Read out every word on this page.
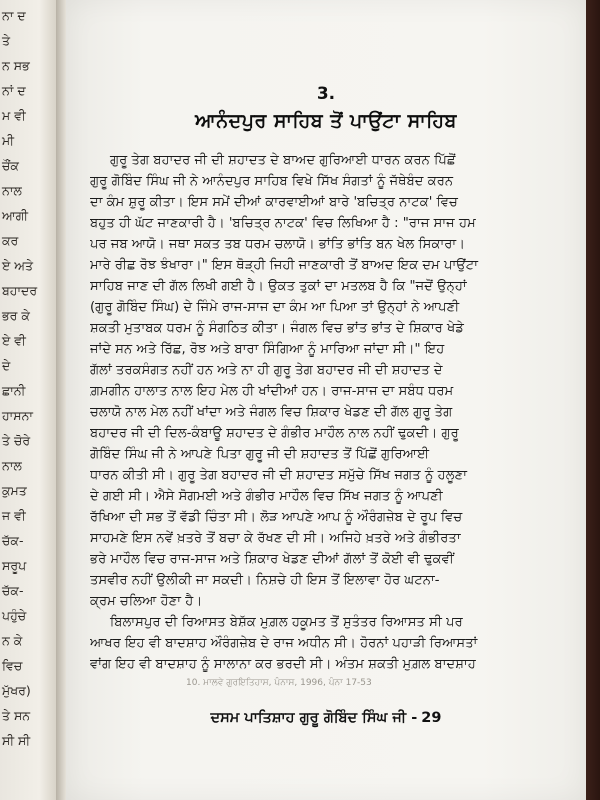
ਨਾ ਦ
ਤੇ
ਨ ਸਭ
ਨਾਂ ਦ
ਮ ਵੀ
ਮੀ
ਚੌਂਕ
ਨਾਲ
ਆਗੀ
ਕਰ
ਏ ਅਤੇ
ਬਹਾਦਰ
ਭਰ ਕੇ
ਏ ਵੀ
ਦੇ
ਛਾਨੀ
ਹਾਸਨਾ
ਤੇ ਚੋਰੇ
ਨਾਲ
ਕੁਮਤ
ਜ ਵੀ
ਚੱਕ-
ਸਰੂਪ
ਚੱਕ-
ਪਹੁੰਚੇ
ਨ ਕੇ
ਵਿਚ
ਮੁੱਖਰ)
ਤੇ ਸਨ
ਸੀ ਸੀ
3.
ਆਨੰਦਪੁਰ ਸਾਹਿਬ ਤੋਂ ਪਾਉਂਟਾ ਸਾਹਿਬ
ਗੁਰੂ ਤੇਗ ਬਹਾਦਰ ਜੀ ਦੀ ਸ਼ਹਾਦਤ ਦੇ ਬਾਅਦ ਗੁਰਿਆਈ ਧਾਰਨ ਕਰਨ ਪਿੱਛੋਂ
ਗੁਰੂ ਗੋਬਿੰਦ ਸਿੰਘ ਜੀ ਨੇ ਆਨੰਦਪੁਰ ਸਾਹਿਬ ਵਿਖੇ ਸਿੱਖ ਸੰਗਤਾਂ ਨੂੰ ਜੱਥੇਬੰਦ ਕਰਨ
ਦਾ ਕੰਮ ਸ਼ੁਰੂ ਕੀਤਾ। ਇਸ ਸਮੇਂ ਦੀਆਂ ਕਾਰਵਾਈਆਂ ਬਾਰੇ 'ਬਚਿਤ੍ਰ ਨਾਟਕ' ਵਿਚ
ਬਹੁਤ ਹੀ ਘੱਟ ਜਾਣਕਾਰੀ ਹੈ। 'ਬਚਿਤ੍ਰ ਨਾਟਕ' ਵਿਚ ਲਿਖਿਆ ਹੈ : "ਰਾਜ ਸਾਜ ਹਮ
ਪਰ ਜਬ ਆਯੋ। ਜਥਾ ਸਕਤ ਤਬ ਧਰਮ ਚਲਾਯੋ। ਭਾਂਤਿ ਭਾਂਤਿ ਬਨ ਖੇਲ ਸਿਕਾਰਾ।
ਮਾਰੇ ਰੀਛ ਰੋਝ ਝੰਖਾਰਾ।" ਇਸ ਥੋੜ੍ਹੀ ਜਿਹੀ ਜਾਣਕਾਰੀ ਤੋਂ ਬਾਅਦ ਇਕ ਦਮ ਪਾਉਂਟਾ
ਸਾਹਿਬ ਜਾਣ ਦੀ ਗੱਲ ਲਿਖੀ ਗਈ ਹੈ। ਉਕਤ ਤੁਕਾਂ ਦਾ ਮਤਲਬ ਹੈ ਕਿ "ਜਦੋਂ ਉਨ੍ਹਾਂ
(ਗੁਰੂ ਗੋਬਿੰਦ ਸਿੰਘ) ਦੇ ਜਿੰਮੇ ਰਾਜ-ਸਾਜ ਦਾ ਕੰਮ ਆ ਪਿਆ ਤਾਂ ਉਨ੍ਹਾਂ ਨੇ ਆਪਣੀ
ਸ਼ਕਤੀ ਮੁਤਾਬਕ ਧਰਮ ਨੂੰ ਸੰਗਠਿਤ ਕੀਤਾ। ਜੰਗਲ ਵਿਚ ਭਾਂਤ ਭਾਂਤ ਦੇ ਸ਼ਿਕਾਰ ਖੇਡੇ
ਜਾਂਦੇ ਸਨ ਅਤੇ ਰਿੱਛ, ਰੋਝ ਅਤੇ ਬਾਰਾ ਸਿੰਗਿਆ ਨੂੰ ਮਾਰਿਆ ਜਾਂਦਾ ਸੀ।" ਇਹ
ਗੱਲਾਂ ਤਰਕਸੰਗਤ ਨਹੀਂ ਹਨ ਅਤੇ ਨਾ ਹੀ ਗੁਰੂ ਤੇਗ ਬਹਾਦਰ ਜੀ ਦੀ ਸ਼ਹਾਦਤ ਦੇ
ਗ਼ਮਗੀਨ ਹਾਲਾਤ ਨਾਲ ਇਹ ਮੇਲ ਹੀ ਖਾਂਦੀਆਂ ਹਨ। ਰਾਜ-ਸਾਜ ਦਾ ਸਬੰਧ ਧਰਮ
ਚਲਾਯੋ ਨਾਲ ਮੇਲ ਨਹੀਂ ਖਾਂਦਾ ਅਤੇ ਜੰਗਲ ਵਿਚ ਸ਼ਿਕਾਰ ਖੇਡਣ ਦੀ ਗੱਲ ਗੁਰੂ ਤੇਗ
ਬਹਾਦਰ ਜੀ ਦੀ ਦਿਲ-ਕੰਬਾਊ ਸ਼ਹਾਦਤ ਦੇ ਗੰਭੀਰ ਮਾਹੌਲ ਨਾਲ ਨਹੀਂ ਢੁਕਦੀ। ਗੁਰੂ
ਗੋਬਿੰਦ ਸਿੰਘ ਜੀ ਨੇ ਆਪਣੇ ਪਿਤਾ ਗੁਰੂ ਜੀ ਦੀ ਸ਼ਹਾਦਤ ਤੋਂ ਪਿੱਛੋਂ ਗੁਰਿਆਈ
ਧਾਰਨ ਕੀਤੀ ਸੀ। ਗੁਰੂ ਤੇਗ ਬਹਾਦਰ ਜੀ ਦੀ ਸ਼ਹਾਦਤ ਸਮੁੱਚੇ ਸਿੱਖ ਜਗਤ ਨੂੰ ਹਲੂਣਾ
ਦੇ ਗਈ ਸੀ। ਐਸੇ ਸੋਗਮਈ ਅਤੇ ਗੰਭੀਰ ਮਾਹੌਲ ਵਿਚ ਸਿੱਖ ਜਗਤ ਨੂੰ ਆਪਣੀ
ਰੱਖਿਆ ਦੀ ਸਭ ਤੋਂ ਵੱਡੀ ਚਿੰਤਾ ਸੀ। ਲੋੜ ਆਪਣੇ ਆਪ ਨੂੰ ਔਰੰਗਜ਼ੇਬ ਦੇ ਰੂਪ ਵਿਚ
ਸਾਹਮਣੇ ਇਸ ਨਵੇਂ ਖ਼ਤਰੇ ਤੋਂ ਬਚਾ ਕੇ ਰੱਖਣ ਦੀ ਸੀ। ਅਜਿਹੇ ਖ਼ਤਰੇ ਅਤੇ ਗੰਭੀਰਤਾ
ਭਰੇ ਮਾਹੌਲ ਵਿਚ ਰਾਜ-ਸਾਜ ਅਤੇ ਸ਼ਿਕਾਰ ਖੇਡਣ ਦੀਆਂ ਗੱਲਾਂ ਤੋਂ ਕੋਈ ਵੀ ਢੁਕਵੀਂ
ਤਸਵੀਰ ਨਹੀਂ ਉਲੀਕੀ ਜਾ ਸਕਦੀ। ਨਿਸ਼ਚੇ ਹੀ ਇਸ ਤੋਂ ਇਲਾਵਾ ਹੋਰ ਘਟਨਾ-
ਕ੍ਰਮ ਚਲਿਆ ਹੋਣਾ ਹੈ।
ਬਿਲਾਸਪੁਰ ਦੀ ਰਿਆਸਤ ਬੇਸ਼ੱਕ ਮੁਗ਼ਲ ਹਕੂਮਤ ਤੋਂ ਸੁਤੰਤਰ ਰਿਆਸਤ ਸੀ ਪਰ
ਆਖਰ ਇਹ ਵੀ ਬਾਦਸ਼ਾਹ ਔਰੰਗਜ਼ੇਬ ਦੇ ਰਾਜ ਅਧੀਨ ਸੀ। ਹੋਰਨਾਂ ਪਹਾੜੀ ਰਿਆਸਤਾਂ
ਵਾਂਗ ਇਹ ਵੀ ਬਾਦਸ਼ਾਹ ਨੂੰ ਸਾਲਾਨਾ ਕਰ ਭਰਦੀ ਸੀ। ਅੰਤਮ ਸ਼ਕਤੀ ਮੁਗ਼ਲ ਬਾਦਸ਼ਾਹ
10. ਮਾਲਵੇ ਗੁਰਇਤਿਹਾਸ, ਪੰਨਾਸ, 1996, ਪੰਨਾ 17-53
ਦਸਮ ਪਾਤਿਸ਼ਾਹ ਗੁਰੂ ਗੋਬਿੰਦ ਸਿੰਘ ਜੀ - 29
